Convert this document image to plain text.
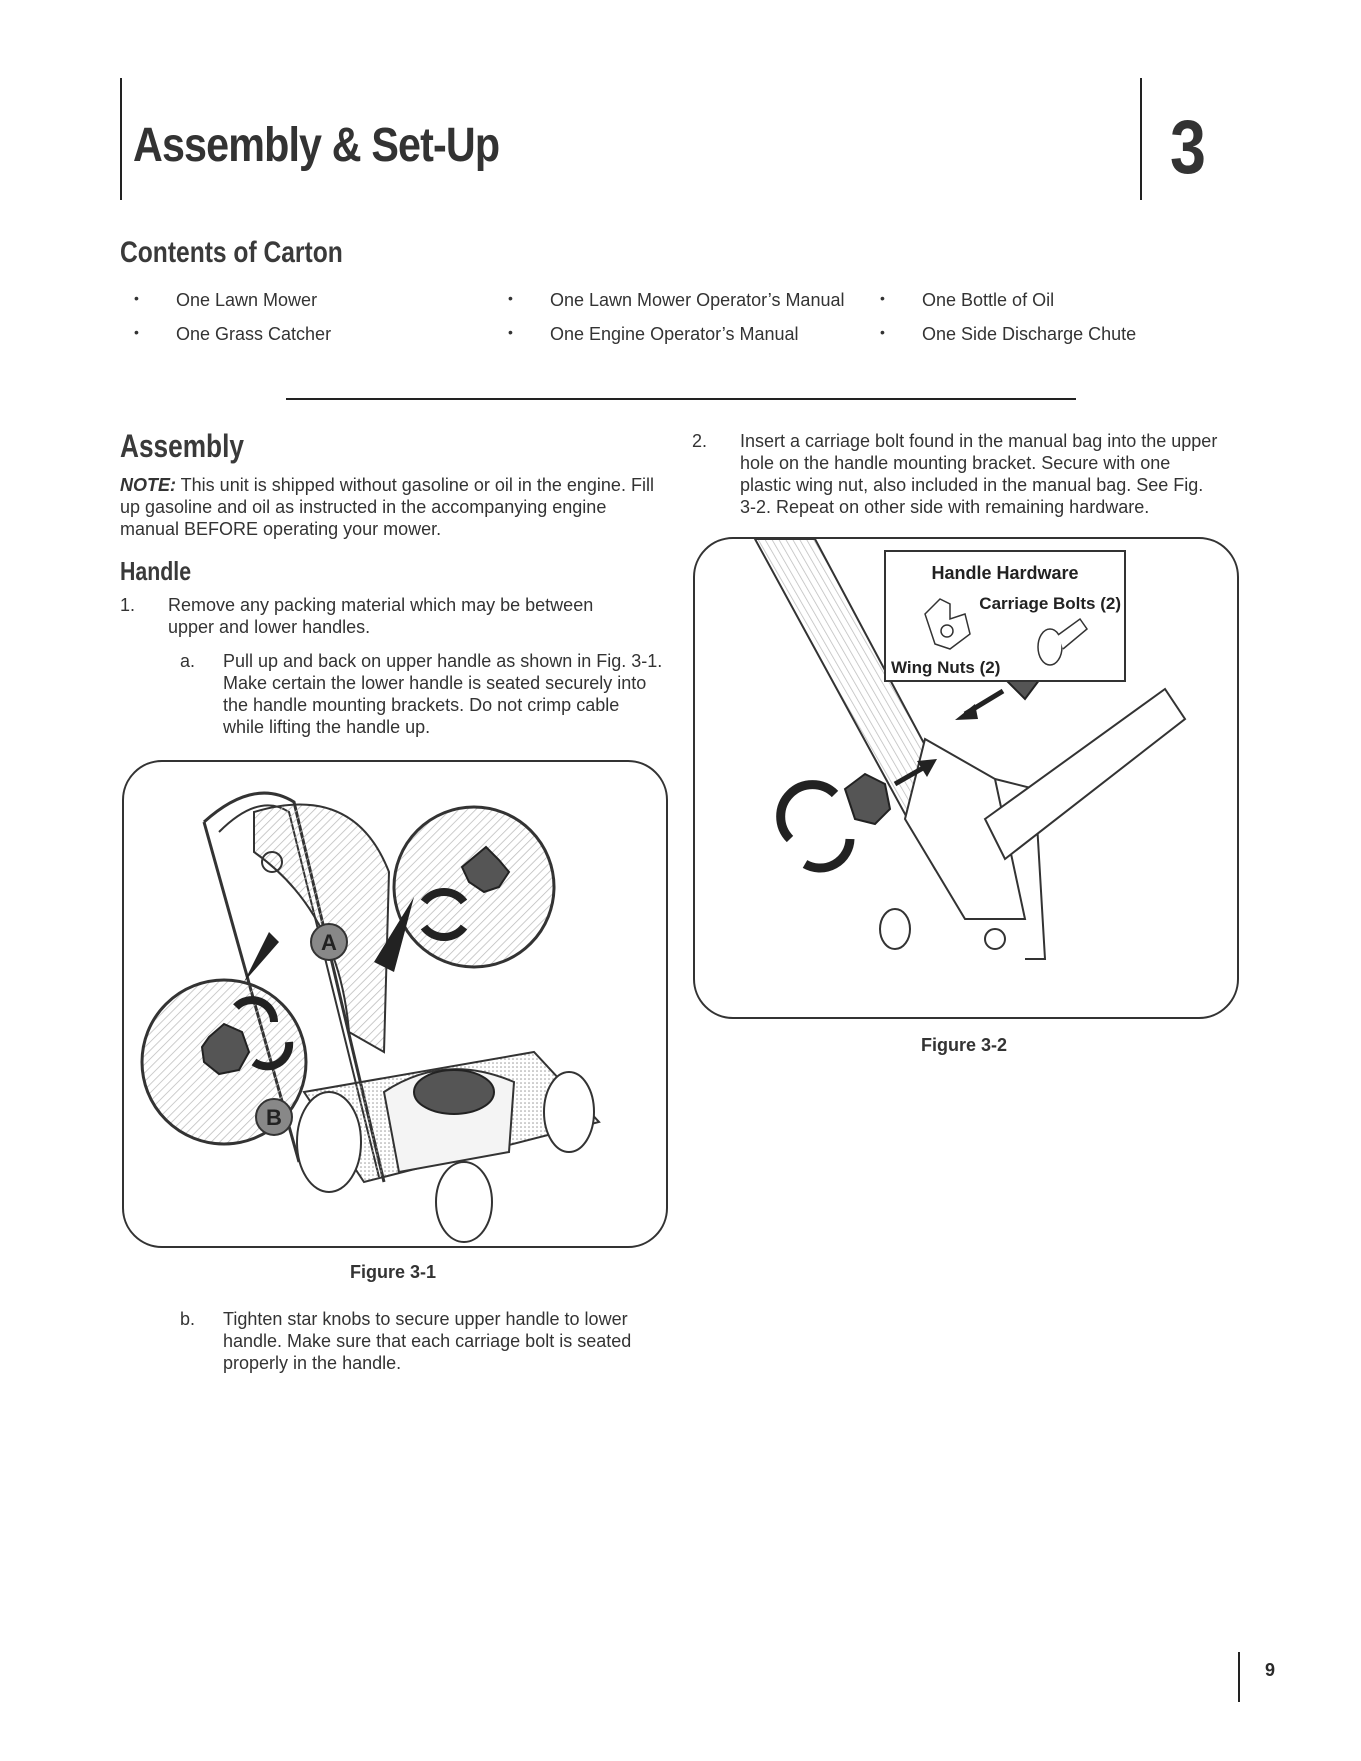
Assembly & Set-Up	3
Contents of Carton
• One Lawn Mower
• One Grass Catcher
• One Lawn Mower Operator’s Manual
• One Engine Operator’s Manual
• One Bottle of Oil
• One Side Discharge Chute
Assembly
NOTE: This unit is shipped without gasoline or oil in the engine. Fill up gasoline and oil as instructed in the accompanying engine manual BEFORE operating your mower.
Handle
1. Remove any packing material which may be between upper and lower handles.
a. Pull up and back on upper handle as shown in Fig. 3-1. Make certain the lower handle is seated securely into the handle mounting brackets. Do not crimp cable while lifting the handle up.
A
B
Figure 3-1
b. Tighten star knobs to secure upper handle to lower handle. Make sure that each carriage bolt is seated properly in the handle.
2. Insert a carriage bolt found in the manual bag into the upper hole on the handle mounting bracket. Secure with one plastic wing nut, also included in the manual bag. See Fig. 3-2. Repeat on other side with remaining hardware.
Handle Hardware
Carriage Bolts (2)
Wing Nuts (2)
Figure 3-2
9
